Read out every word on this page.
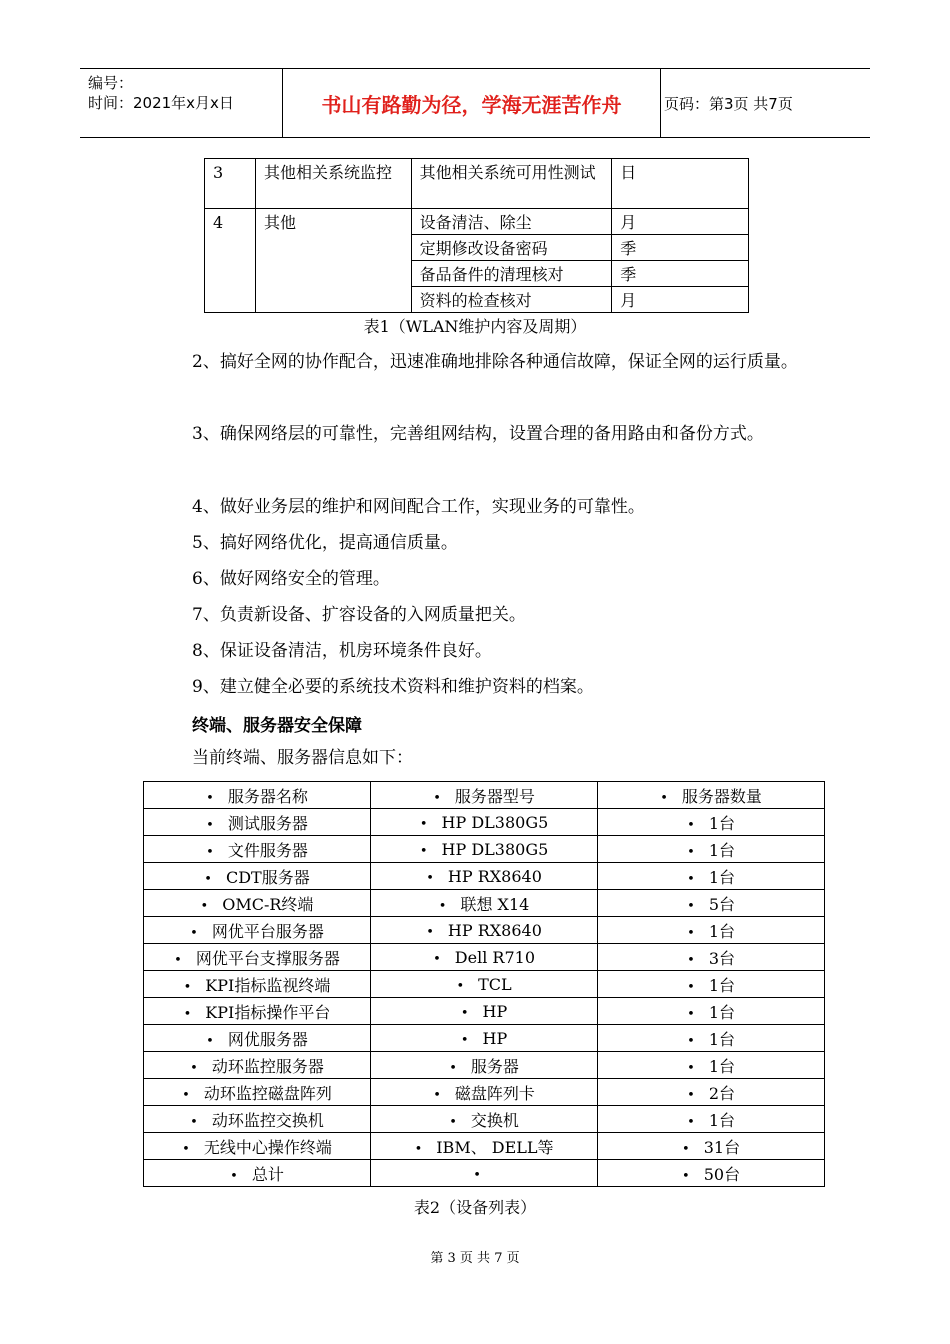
编号：
时间：2021年x月x日	书山有路勤为径，学海无涯苦作舟	页码：第3页 共7页
3	其他相关系统监控	其他相关系统可用性测试	日
4	其他	设备清洁、除尘	月
		定期修改设备密码	季
		备品备件的清理核对	季
		资料的检查核对	月
表1（WLAN维护内容及周期）
2、搞好全网的协作配合，迅速准确地排除各种通信故障，保证全网的运行质量。
3、确保网络层的可靠性，完善组网结构，设置合理的备用路由和备份方式。
4、做好业务层的维护和网间配合工作，实现业务的可靠性。
5、搞好网络优化，提高通信质量。
6、做好网络安全的管理。
7、负责新设备、扩容设备的入网质量把关。
8、保证设备清洁，机房环境条件良好。
9、建立健全必要的系统技术资料和维护资料的档案。
终端、服务器安全保障
当前终端、服务器信息如下：
• 服务器名称	• 服务器型号	• 服务器数量
• 测试服务器	• HP DL380G5	• 1台
• 文件服务器	• HP DL380G5	• 1台
• CDT服务器	• HP RX8640	• 1台
• OMC-R终端	• 联想 X14	• 5台
• 网优平台服务器	• HP RX8640	• 1台
• 网优平台支撑服务器	• Dell R710	• 3台
• KPI指标监视终端	• TCL	• 1台
• KPI指标操作平台	• HP	• 1台
• 网优服务器	• HP	• 1台
• 动环监控服务器	• 服务器	• 1台
• 动环监控磁盘阵列	• 磁盘阵列卡	• 2台
• 动环监控交换机	• 交换机	• 1台
• 无线中心操作终端	• IBM、 DELL等	• 31台
• 总计	•	• 50台
表2（设备列表）
第 3 页 共 7 页
